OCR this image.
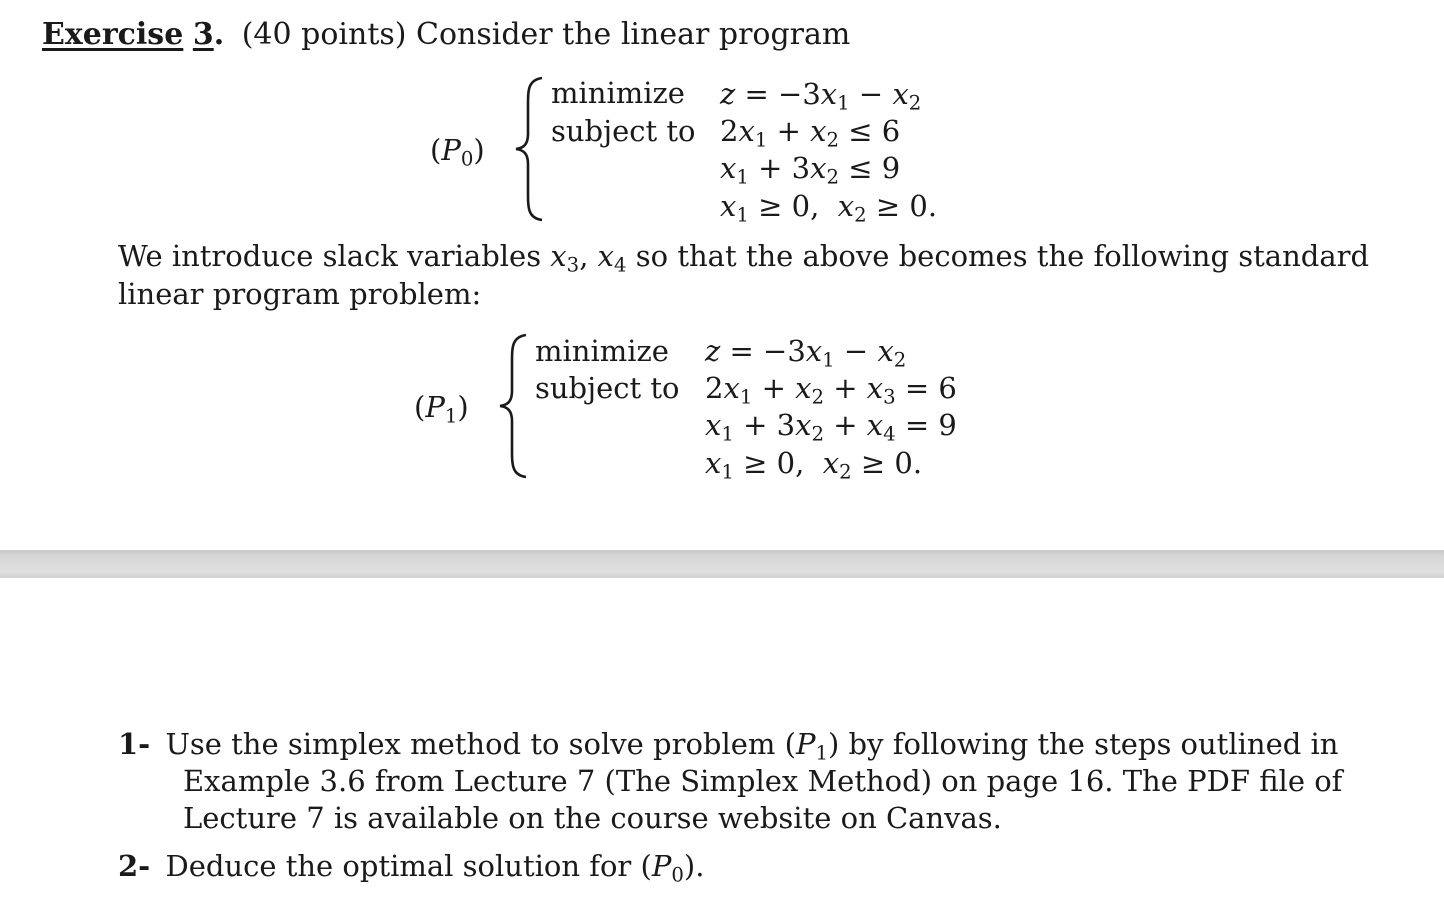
Exercise 3. (40 points) Consider the linear program
$(P_0)$
minimize
subject to
$z = -3x_1 - x_2$
$2x_1 + x_2 \le 6$
$x_1 + 3x_2 \le 9$
$x_1 \ge 0$,  $x_2 \ge 0$.
We introduce slack variables $x_3$, $x_4$ so that the above becomes the following standard
linear program problem:
$(P_1)$
minimize
subject to
$z = -3x_1 - x_2$
$2x_1 + x_2 + x_3 = 6$
$x_1 + 3x_2 + x_4 = 9$
$x_1 \ge 0$,  $x_2 \ge 0$.
1- Use the simplex method to solve problem $(P_1)$ by following the steps outlined in
Example 3.6 from Lecture 7 (The Simplex Method) on page 16. The PDF file of
Lecture 7 is available on the course website on Canvas.
2- Deduce the optimal solution for $(P_0)$.
